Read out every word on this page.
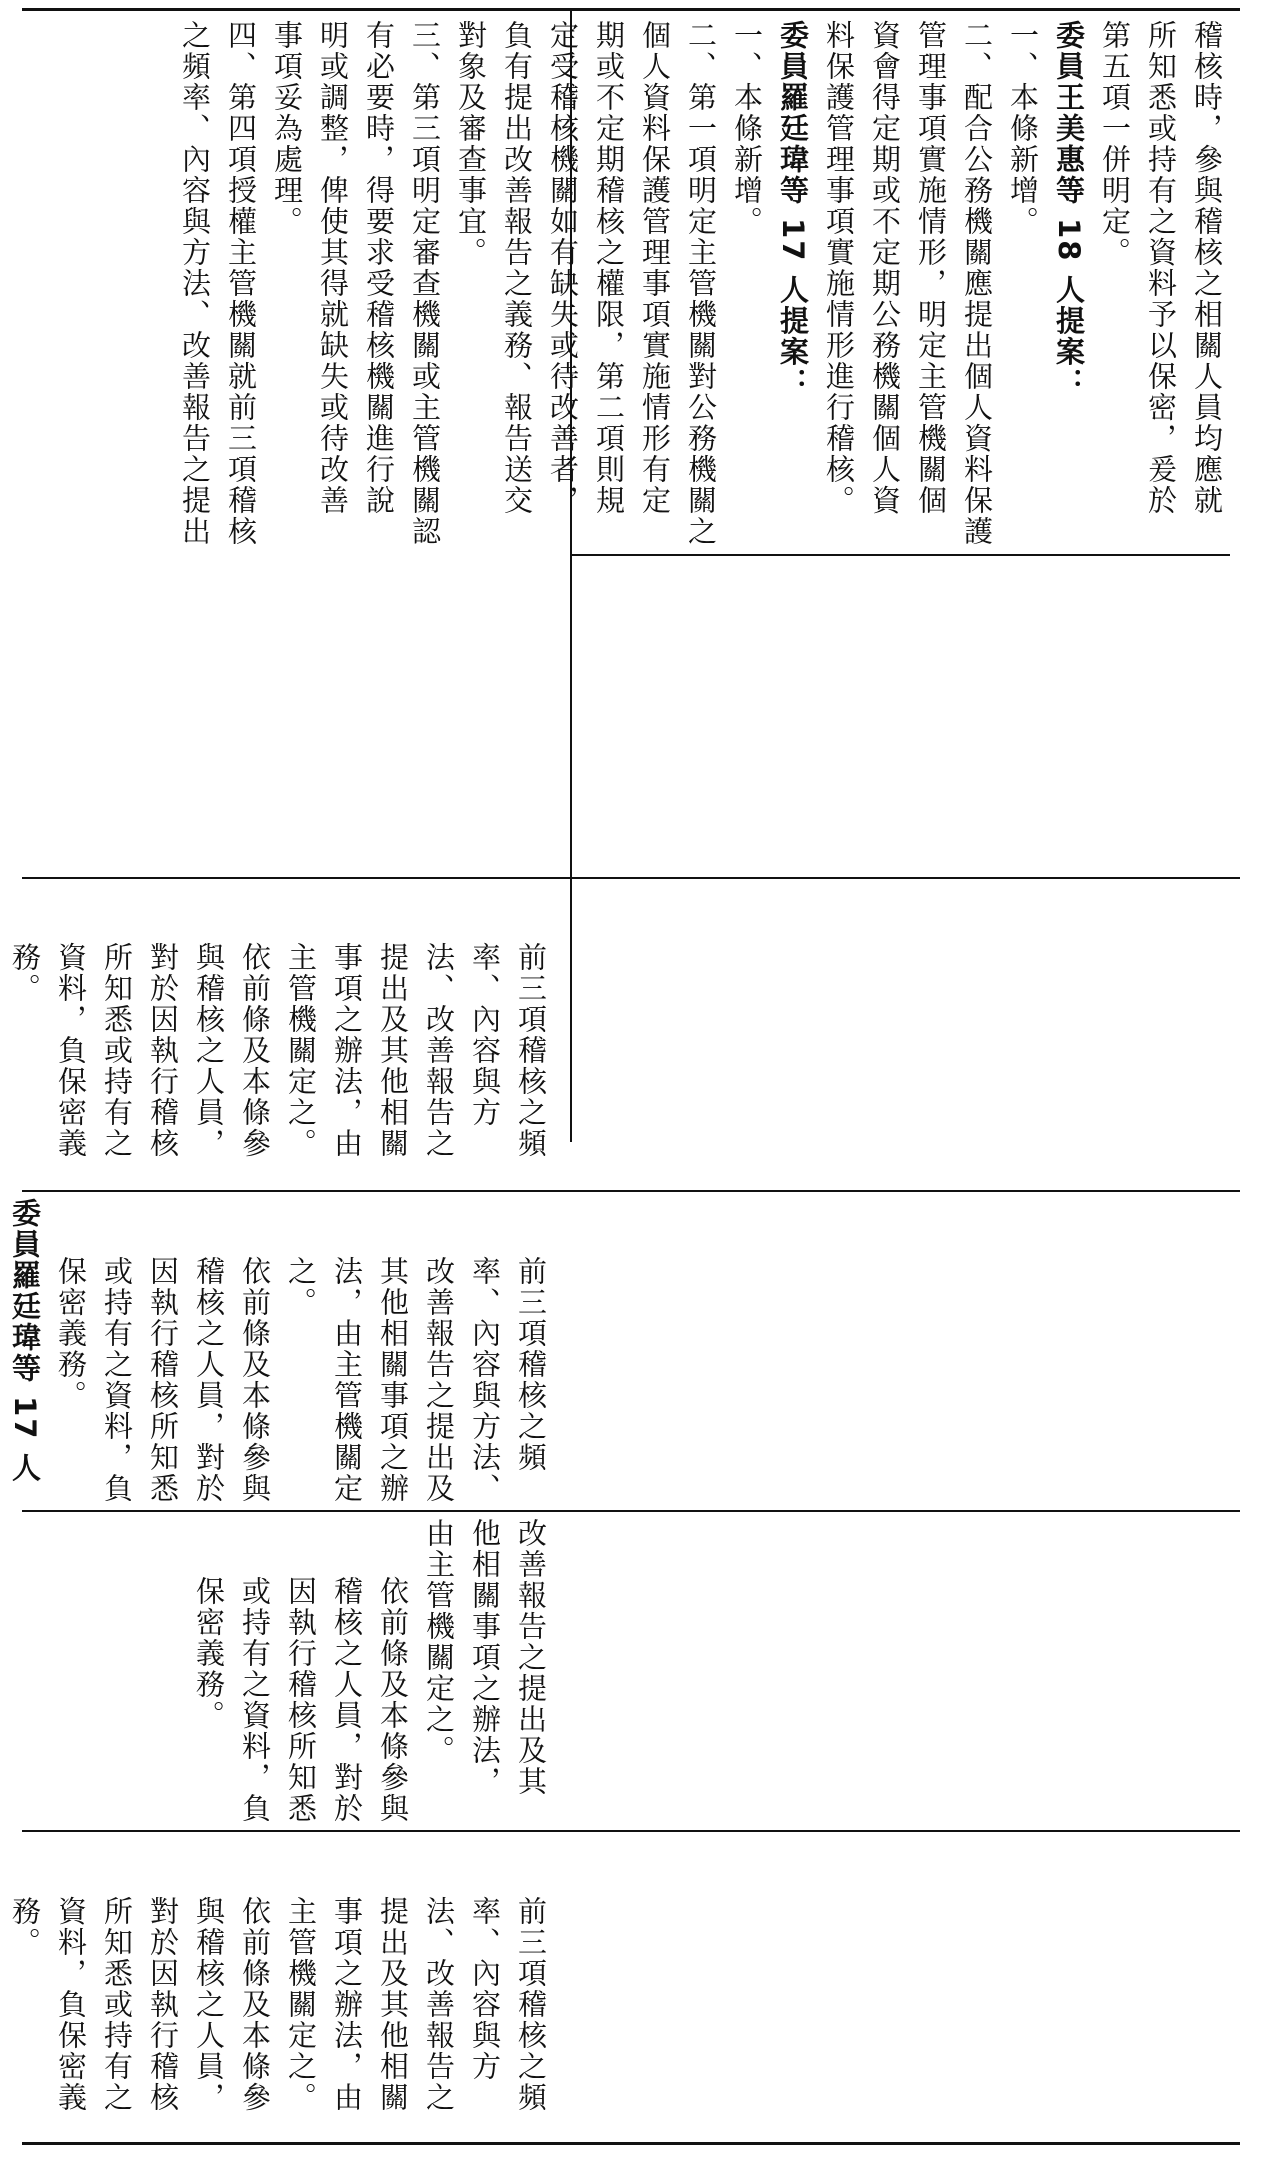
稽核時，參與稽核之相關人員均應就

所知悉或持有之資料予以保密，爰於

第五項一併明定。

委員王美惠等 18 人提案：

一、本條新增。

二、配合公務機關應提出個人資料保護

管理事項實施情形，明定主管機關個

資會得定期或不定期公務機關個人資

料保護管理事項實施情形進行稽核。

委員羅廷瑋等 17 人提案：

一、本條新增。

二、第一項明定主管機關對公務機關之

個人資料保護管理事項實施情形有定

期或不定期稽核之權限，第二項則規

定受稽核機關如有缺失或待改善者，

負有提出改善報告之義務、報告送交

對象及審查事宜。

三、第三項明定審查機關或主管機關認

有必要時，得要求受稽核機關進行說

明或調整，俾使其得就缺失或待改善

事項妥為處理。

四、第四項授權主管機關就前三項稽核

之頻率、內容與方法、改善報告之提出

前三項稽核之頻率、內容與方法、改善報告之提出及其他相關事項之辦法，由主管機關定之。

依前條及本條參與稽核之人員，對於因執行稽核所知悉或持有之資料，負保密義務。

前三項稽核之頻率、內容與方法、改善報告之提出及其他相關事項之辦法，由主管機關定之。

依前條及本條參與稽核之人員，對於因執行稽核所知悉或持有之資料，負保密義務。

委員羅廷瑋等 17 人

改善報告之提出及其他相關事項之辦法，由主管機關定之。

依前條及本條參與稽核之人員，對於因執行稽核所知悉或持有之資料，負保密義務。

前三項稽核之頻率、內容與方法、改善報告之提出及其他相關事項之辦法，由主管機關定之。

依前條及本條參與稽核之人員，對於因執行稽核所知悉或持有之資料，負保密義務。
